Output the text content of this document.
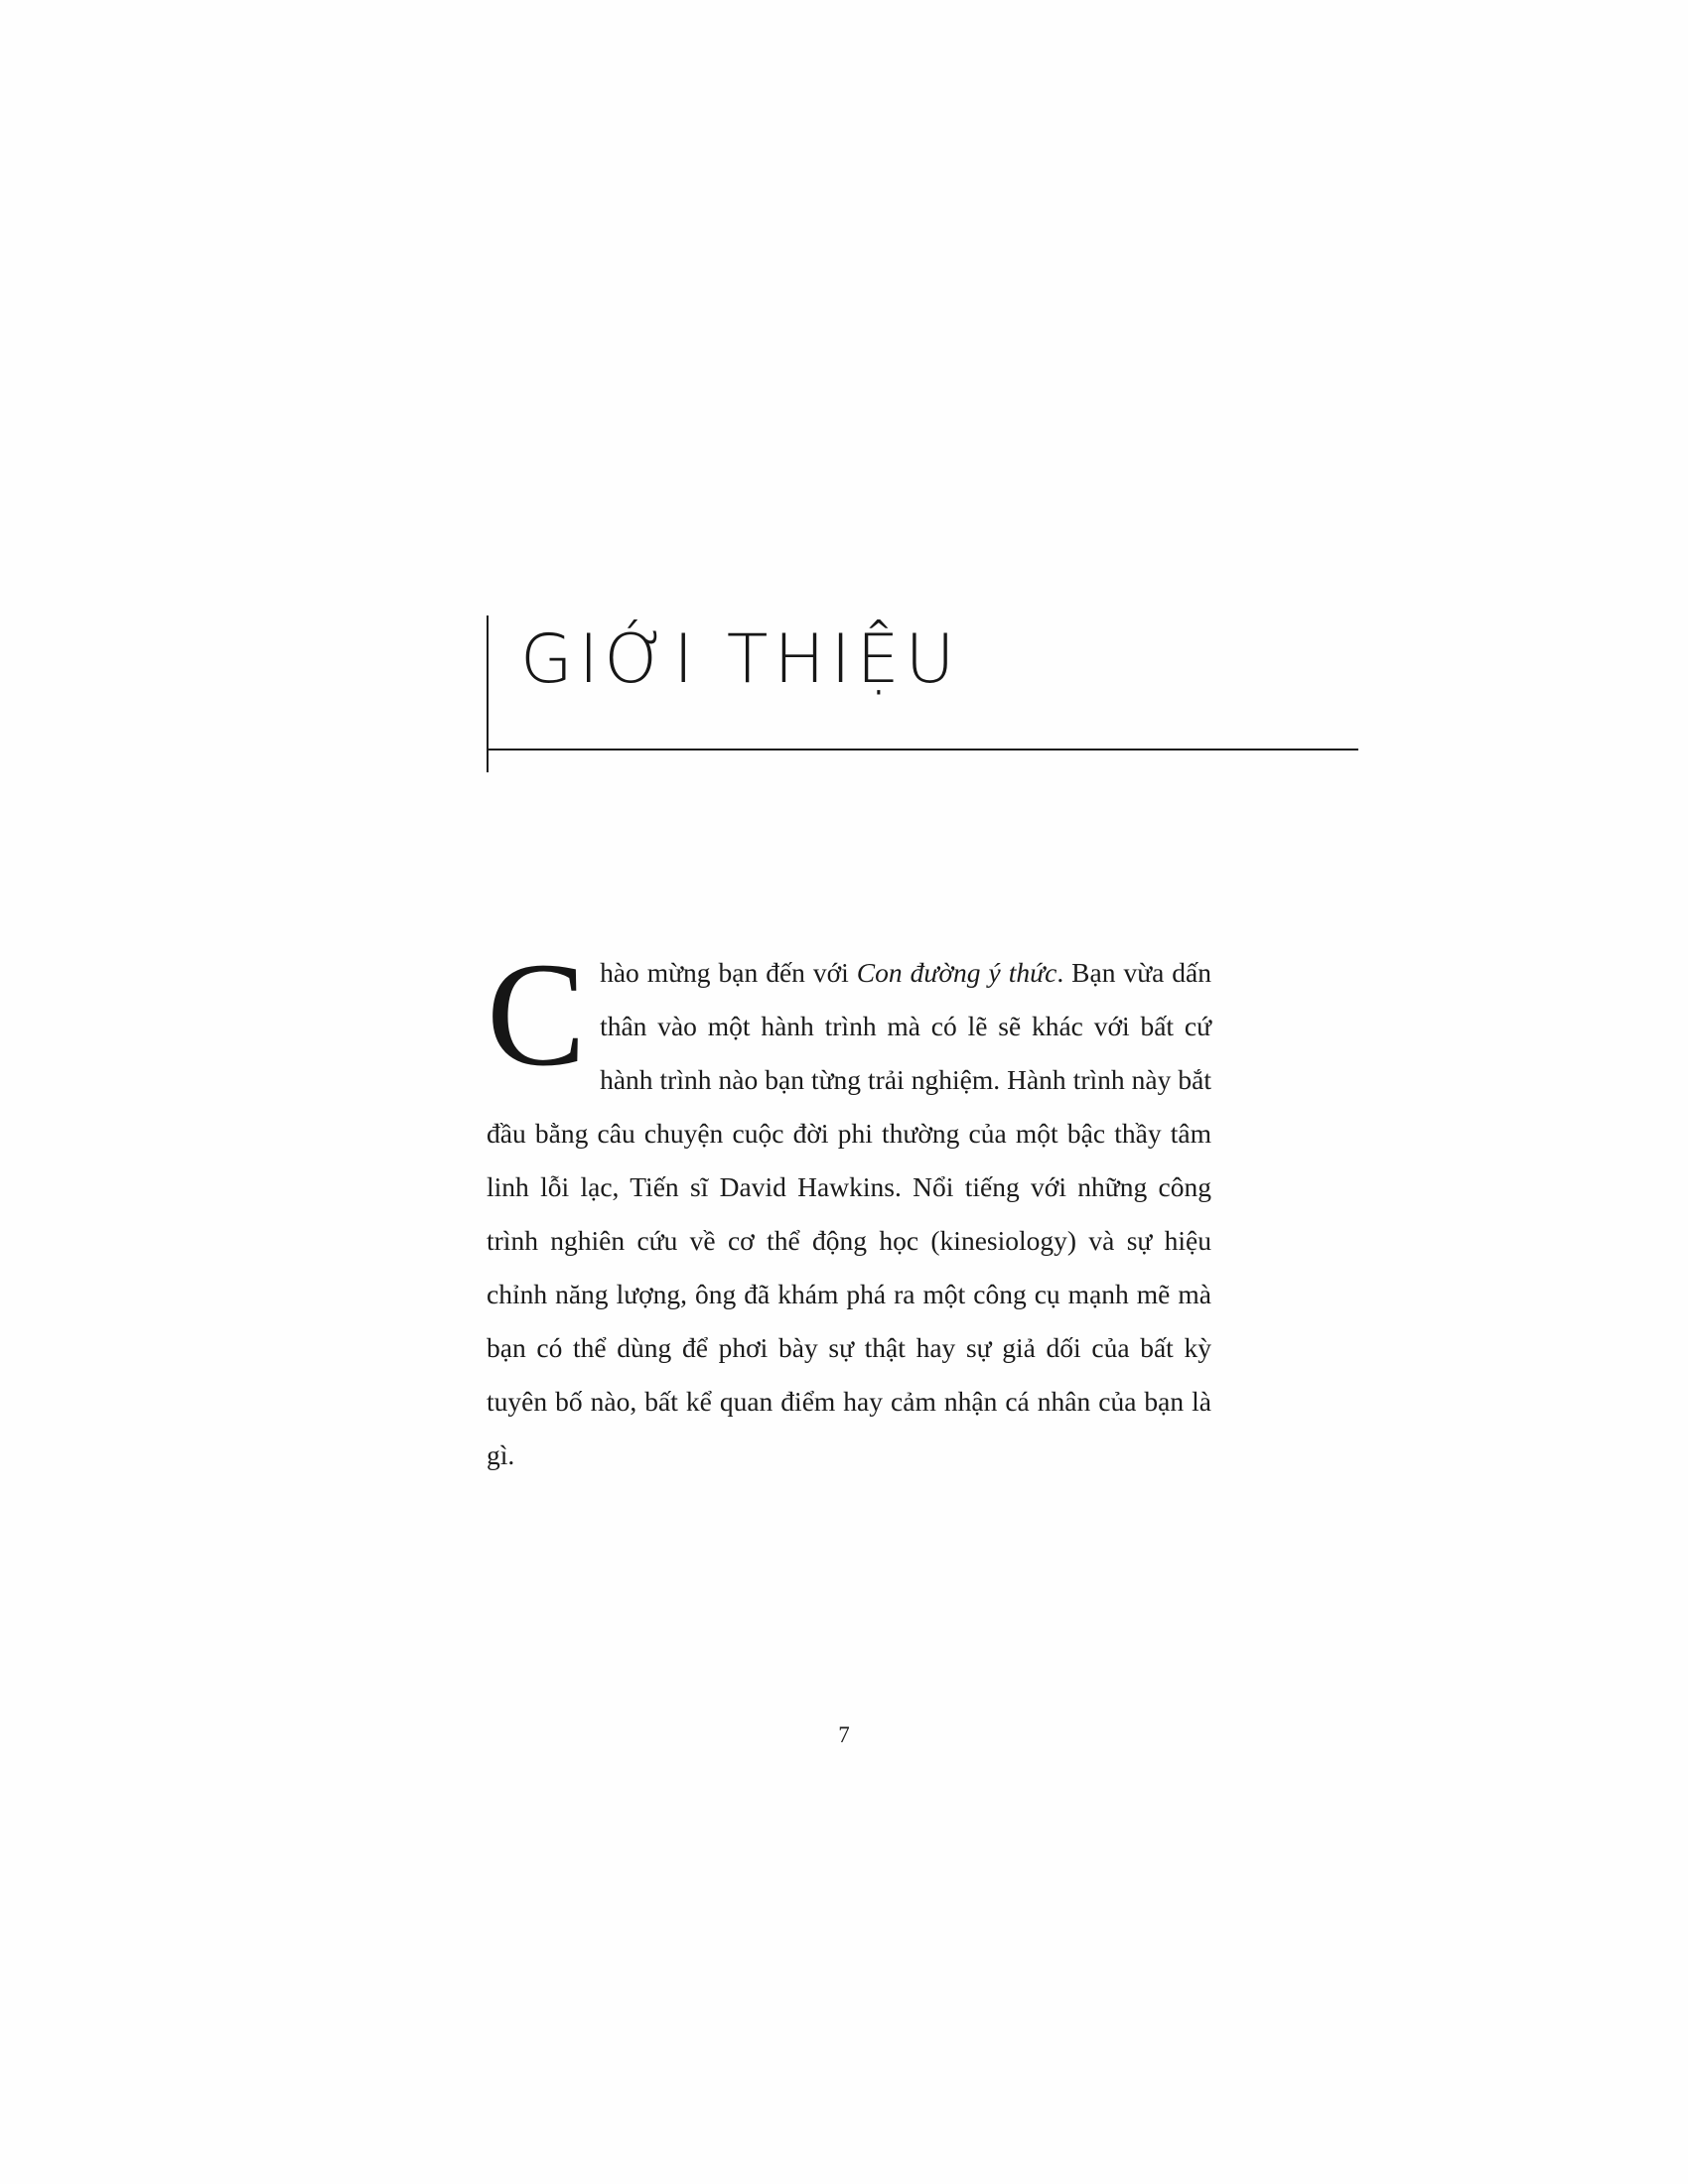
GIỚI THIỆU
C hào mừng bạn đến với Con đường ý thức. Bạn vừa dấn thân vào một hành trình mà có lẽ sẽ khác với bất cứ hành trình nào bạn từng trải nghiệm. Hành trình này bắt đầu bằng câu chuyện cuộc đời phi thường của một bậc thầy tâm linh lỗi lạc, Tiến sĩ David Hawkins. Nổi tiếng với những công trình nghiên cứu về cơ thể động học (kinesiology) và sự hiệu chỉnh năng lượng, ông đã khám phá ra một công cụ mạnh mẽ mà bạn có thể dùng để phơi bày sự thật hay sự giả dối của bất kỳ tuyên bố nào, bất kể quan điểm hay cảm nhận cá nhân của bạn là gì.

7
